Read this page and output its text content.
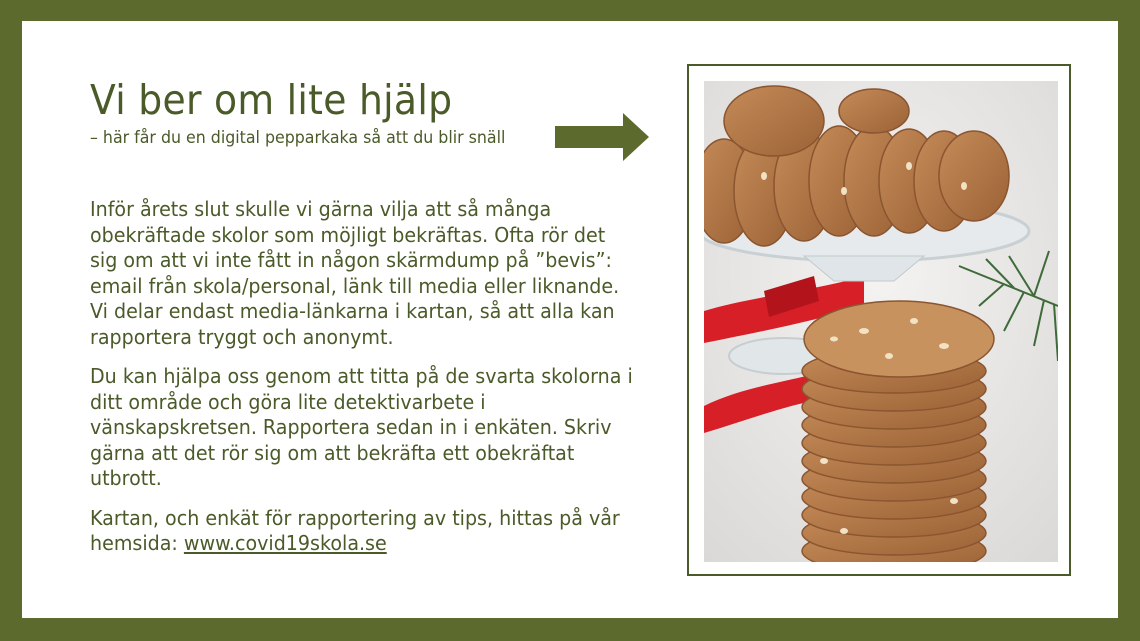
Vi ber om lite hjälp
– här får du en digital pepparkaka så att du blir snäll

Inför årets slut skulle vi gärna vilja att så många
obekräftade skolor som möjligt bekräftas. Ofta rör det
sig om att vi inte fått in någon skärmdump på ”bevis”:
email från skola/personal, länk till media eller liknande.
Vi delar endast media-länkarna i kartan, så att alla kan
rapportera tryggt och anonymt.

Du kan hjälpa oss genom att titta på de svarta skolorna i
ditt område och göra lite detektivarbete i
vänskapskretsen. Rapportera sedan in i enkäten. Skriv
gärna att det rör sig om att bekräfta ett obekräftat
utbrott.

Kartan, och enkät för rapportering av tips, hittas på vår
hemsida: www.covid19skola.se
